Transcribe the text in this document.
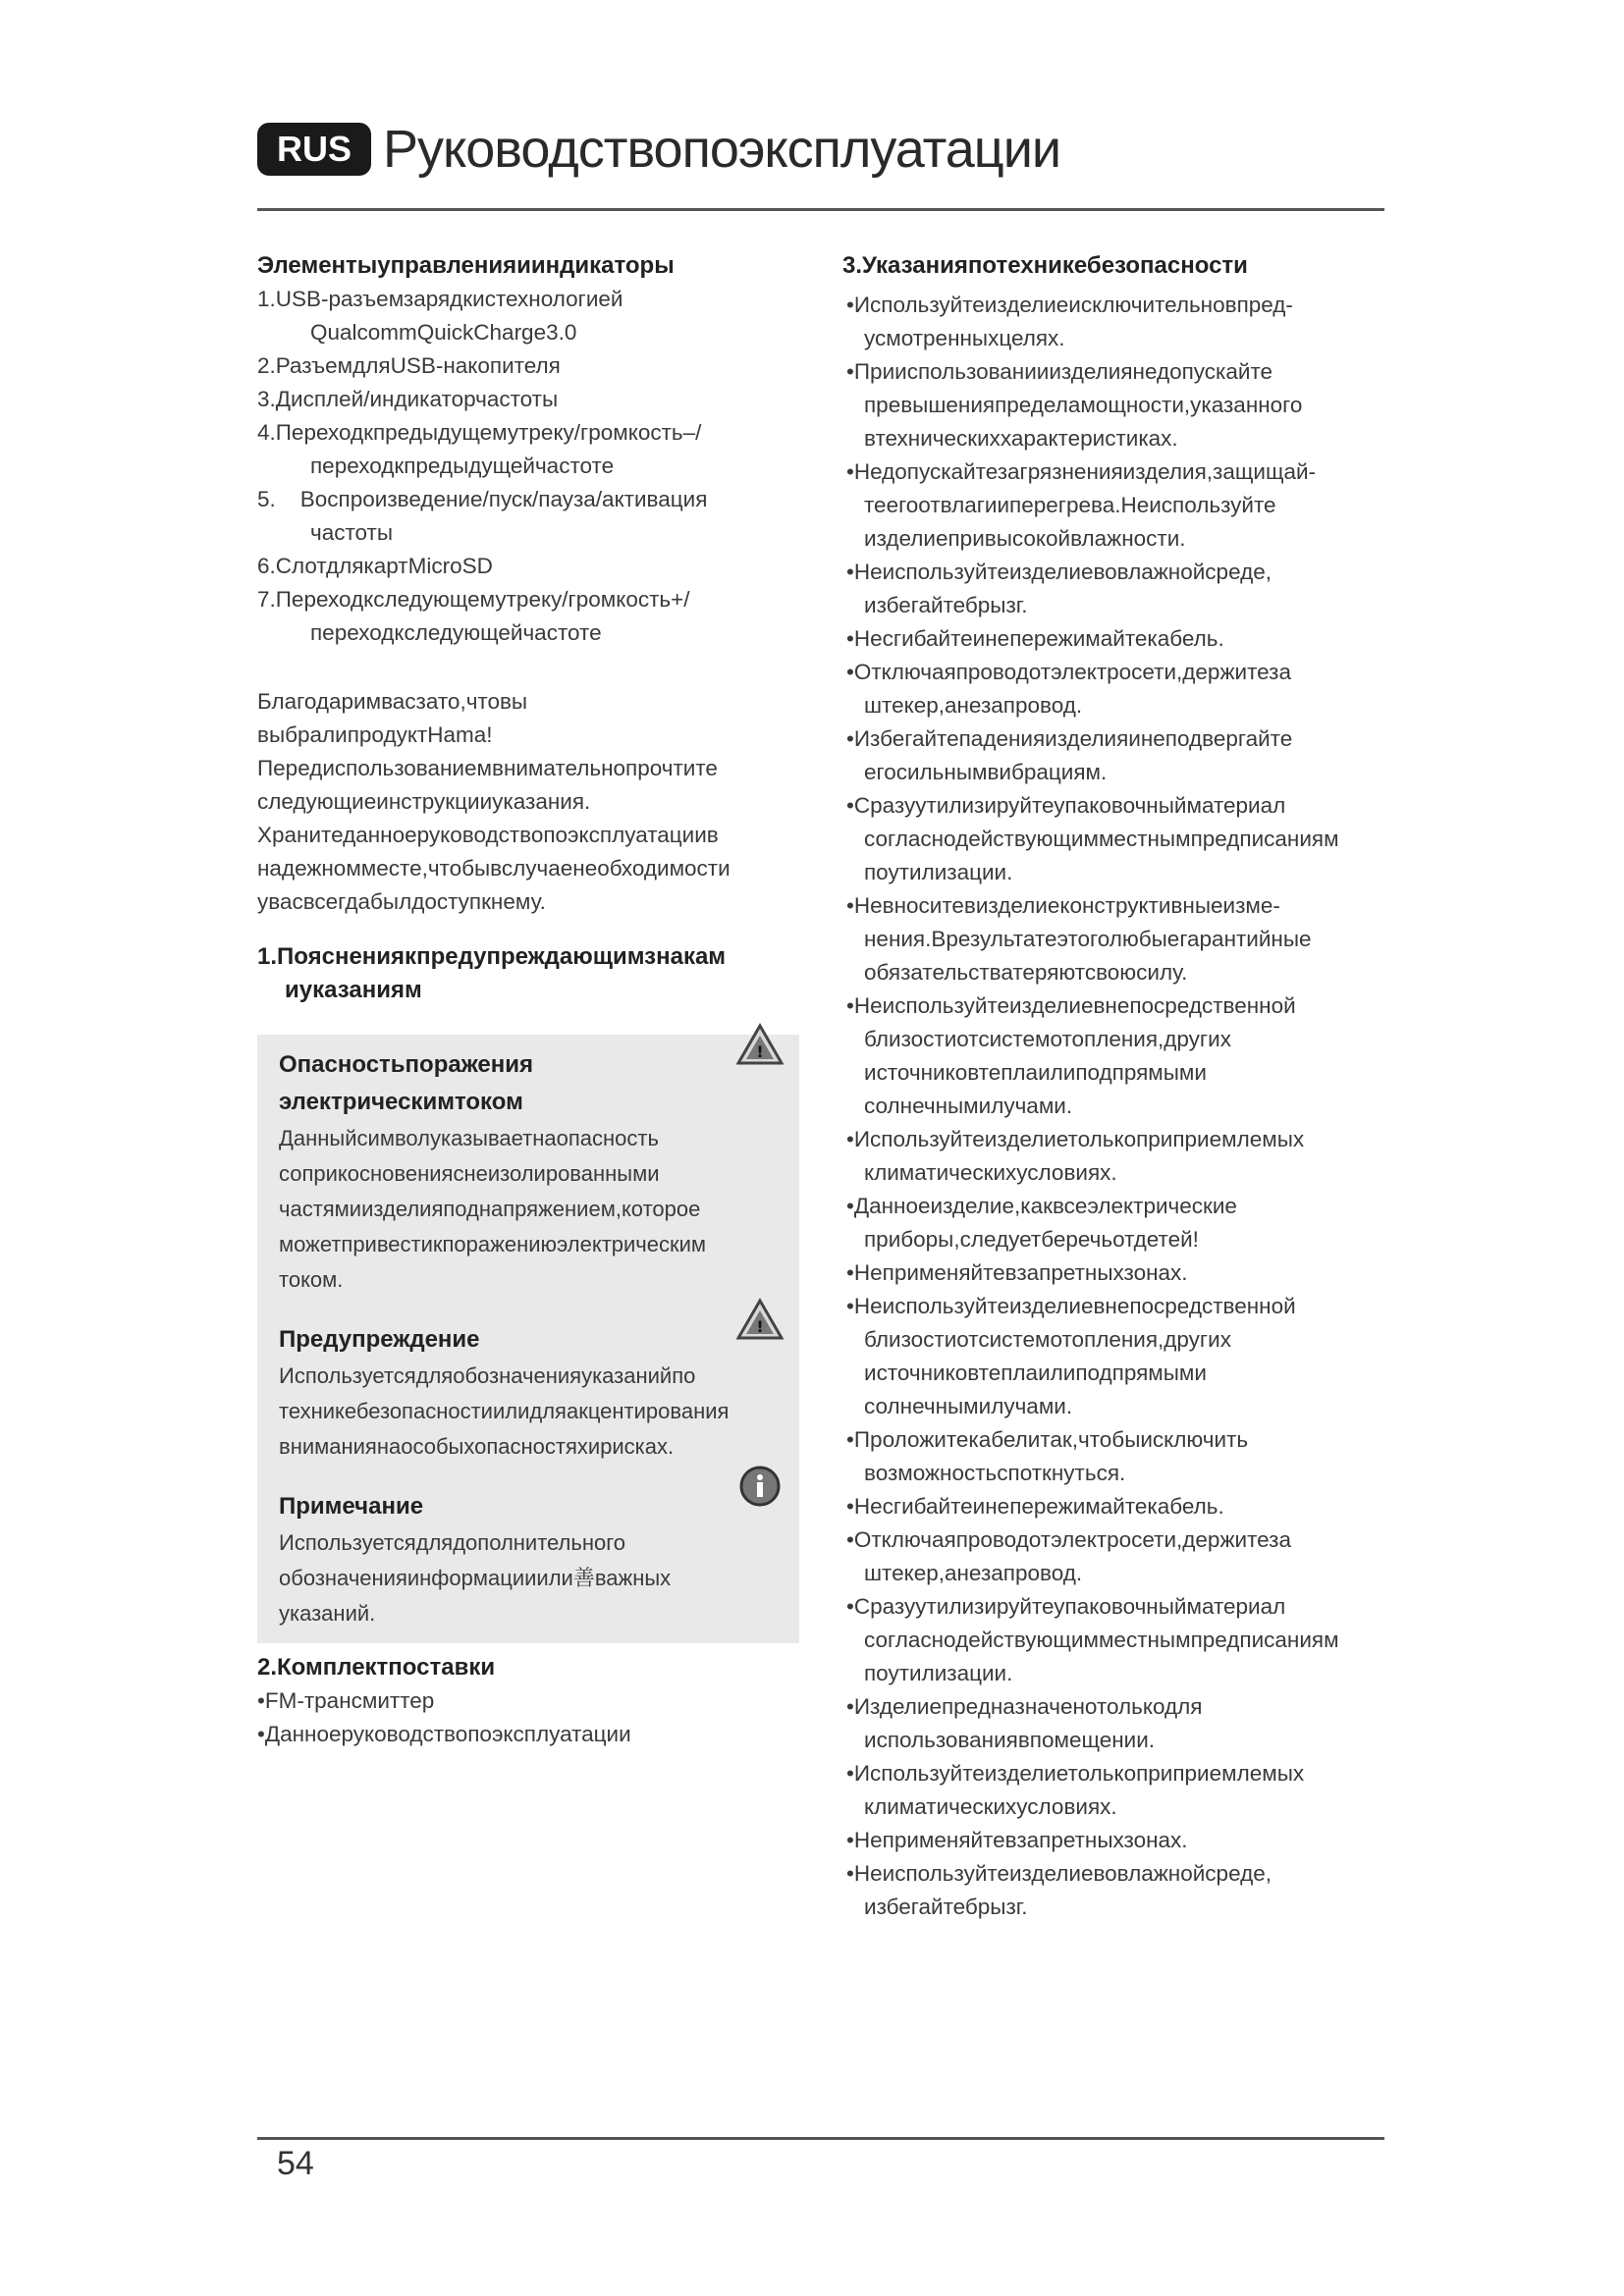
RUS Руководствопоэксплуатации
Элементыуправленияииндикаторы
1.USB-разъемзарядкистехнологией
QualcommQuickCharge3.0
2.РазъемдляUSB-накопителя
3.Дисплей/индикаторчастоты
4.Переходкпредыдущемутреку/громкость–/
переходкпредыдущейчастоте
5.    Воспроизведение/пуск/пауза/активация
частоты
6.СлотдлякартMicroSD
7.Переходкследующемутреку/громкость+/
переходкследующейчастоте
Благодаримвасзато,чтовы
выбралипродуктHama!
Передиспользованиемвнимательнопрочтите
следующиеинструкцииуказания.
Хранитеданноеруководствопоэксплуатациив
надежномместе,чтобывслучаенеобходимости
увасвсегдабылдоступкнему.
1.Пояснениякпредупреждающимзнакам
иуказаниям
!
Опасностьпоражения
электрическимтоком
Данныйсимволуказываетнаопасность
соприкосновенияснеизолированными
частямиизделияподнапряжением,которое
можетпривестикпоражениюэлектрическим
током.
!
Предупреждение
Используетсядляобозначенияуказанийпо
техникебезопасностиилидляакцентирования
вниманиянаособыхопасностяхирисках.
Примечание
Используетсядлядополнительного
обозначенияинформацииили善важных
указаний.
2.Комплектпоставки
•FM-трансмиттер
•Данноеруководствопоэксплуатации
3.Указанияпотехникебезопасности
•Используйтеизделиеисключительновпред-
усмотренныхцелях.
•Прииспользованииизделиянедопускайте
превышенияпределамощности,указанного
втехническиххарактеристиках.
•Недопускайтезагрязненияизделия,защищай-
теегоотвлагииперегрева.Неиспользуйте
изделиепривысокойвлажности.
•Неиспользуйтеизделиевовлажнойсреде,
избегайтебрызг.
•Несгибайтеинепережимайтекабель.
•Отключаяпроводотэлектросети,держитеза
штекер,анезапровод.
•Избегайтепаденияизделияинеподвергайте
егосильнымвибрациям.
•Сразуутилизируйтеупаковочныйматериал
согласнодействующимместнымпредписаниям
поутилизации.
•Невноситевизделиеконструктивныеизме-
нения.Врезультатеэтоголюбыегарантийные
обязательстватеряютсвоюсилу.
•Неиспользуйтеизделиевнепосредственной
близостиотсистемотопления,других
источниковтеплаилиподпрямыми
солнечнымилучами.
•Используйтеизделиетолькоприприемлемых
климатическихусловиях.
•Данноеизделие,каквсеэлектрические
приборы,следуетберечьотдетей!
•Неприменяйтевзапретныхзонах.
•Неиспользуйтеизделиевнепосредственной
близостиотсистемотопления,других
источниковтеплаилиподпрямыми
солнечнымилучами.
•Проложитекабелитак,чтобыисключить
возможностьспоткнуться.
•Несгибайтеинепережимайтекабель.
•Отключаяпроводотэлектросети,держитеза
штекер,анезапровод.
•Сразуутилизируйтеупаковочныйматериал
согласнодействующимместнымпредписаниям
поутилизации.
•Изделиепредназначенотолькодля
использованиявпомещении.
•Используйтеизделиетолькоприприемлемых
климатическихусловиях.
•Неприменяйтевзапретныхзонах.
•Неиспользуйтеизделиевовлажнойсреде,
избегайтебрызг.
54
